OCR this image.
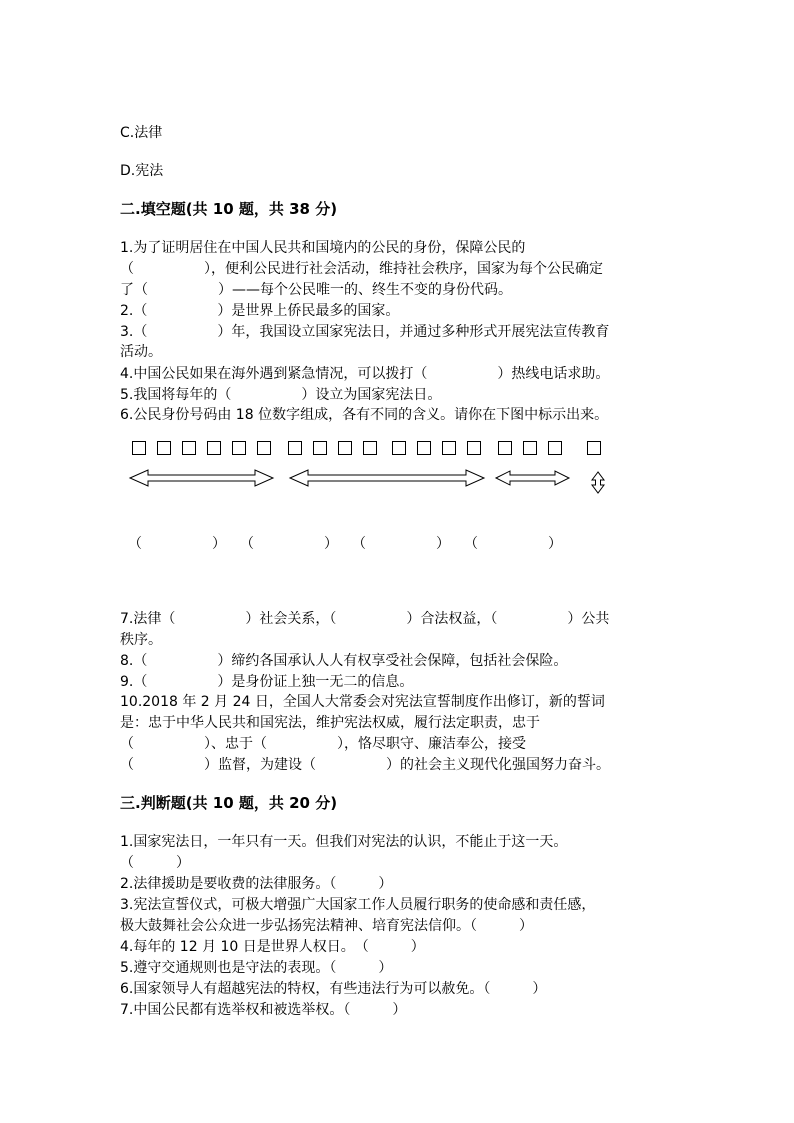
C.法律
D.宪法
二.填空题(共 10 题，共 38 分)
1.为了证明居住在中国人民共和国境内的公民的身份，保障公民的
（　　　　　），便利公民进行社会活动，维持社会秩序，国家为每个公民确定
了（　　　　　）——每个公民唯一的、终生不变的身份代码。
2.（　　　　　）是世界上侨民最多的国家。
3.（　　　　　）年，我国设立国家宪法日，并通过多种形式开展宪法宣传教育
活动。
4.中国公民如果在海外遇到紧急情况，可以拨打（　　　　　）热线电话求助。
5.我国将每年的（　　　　　）设立为国家宪法日。
6.公民身份号码由 18 位数字组成，各有不同的含义。请你在下图中标示出来。
（　　　　　） （　　　　　） （　　　　　） （　　　　　）
7.法律（　　　　　）社会关系，（　　　　　）合法权益，（　　　　　）公共
秩序。
8.（　　　　　）缔约各国承认人人有权享受社会保障，包括社会保险。
9.（　　　　　）是身份证上独一无二的信息。
10.2018 年 2 月 24 日，全国人大常委会对宪法宣誓制度作出修订，新的誓词
是：忠于中华人民共和国宪法，维护宪法权威，履行法定职责，忠于
（　　　　　）、忠于（　　　　　），恪尽职守、廉洁奉公，接受
（　　　　　）监督，为建设（　　　　　）的社会主义现代化强国努力奋斗。
三.判断题(共 10 题，共 20 分)
1.国家宪法日，一年只有一天。但我们对宪法的认识，不能止于这一天。
（　　　）
2.法律援助是要收费的法律服务。（　　　）
3.宪法宣誓仪式，可极大增强广大国家工作人员履行职务的使命感和责任感，
极大鼓舞社会公众进一步弘扬宪法精神、培育宪法信仰。（　　　）
4.每年的 12 月 10 日是世界人权日。　（　　　）
5.遵守交通规则也是守法的表现。（　　　）
6.国家领导人有超越宪法的特权，有些违法行为可以赦免。（　　　）
7.中国公民都有选举权和被选举权。（　　　）
